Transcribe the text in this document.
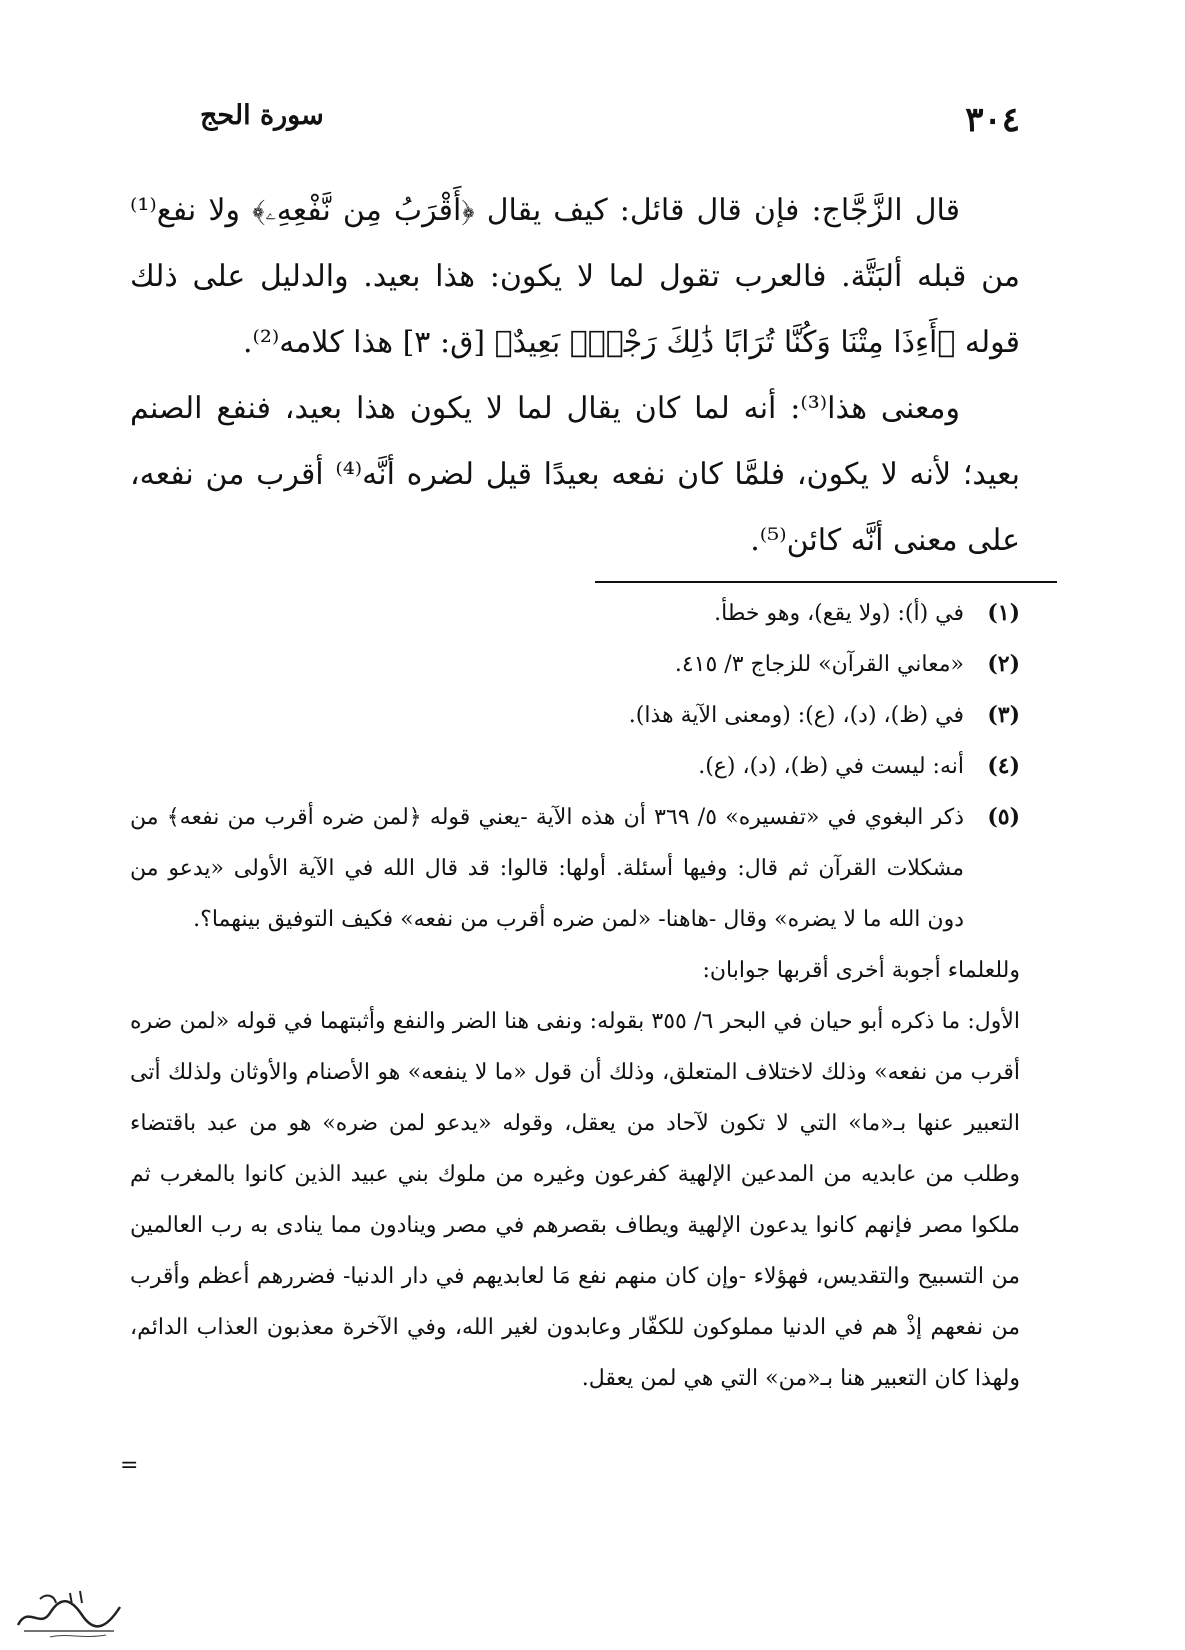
٣٠٤
سورة الحج

قال الزَّجَّاج: فإن قال قائل: كيف يقال ﴿أَقْرَبُ مِن نَّفْعِهِۦ﴾ ولا نفع⁽¹⁾ من قبله ألبَتَّة. فالعرب تقول لما لا يكون: هذا بعيد. والدليل على ذلك قوله ﴿أَءِذَا مِتْنَا وَكُنَّا تُرَابًا ذَٰلِكَ رَجْعٌۢ بَعِيدٌ﴾ [ق: ٣] هذا كلامه⁽²⁾.

ومعنى هذا⁽³⁾: أنه لما كان يقال لما لا يكون هذا بعيد، فنفع الصنم بعيد؛ لأنه لا يكون، فلمَّا كان نفعه بعيدًا قيل لضره أنَّه⁽⁴⁾ أقرب من نفعه، على معنى أنَّه كائن⁽⁵⁾.

(١)
في (أ): (ولا يقع)، وهو خطأ.
(٢)
«معاني القرآن» للزجاج ٣/ ٤١٥.
(٣)
في (ظ)، (د)، (ع): (ومعنى الآية هذا).
(٤)
أنه: ليست في (ظ)، (د)، (ع).
(٥)
ذكر البغوي في «تفسيره» ٥/ ٣٦٩ أن هذه الآية -يعني قوله ﴿لمن ضره أقرب من نفعه﴾ من مشكلات القرآن ثم قال: وفيها أسئلة. أولها: قالوا: قد قال الله في الآية الأولى «يدعو من دون الله ما لا يضره» وقال -هاهنا- «لمن ضره أقرب من نفعه» فكيف التوفيق بينهما؟.
وللعلماء أجوبة أخرى أقربها جوابان:
الأول: ما ذكره أبو حيان في البحر ٦/ ٣٥٥ بقوله: ونفى هنا الضر والنفع وأثبتهما في قوله «لمن ضره أقرب من نفعه» وذلك لاختلاف المتعلق، وذلك أن قول «ما لا ينفعه» هو الأصنام والأوثان ولذلك أتى التعبير عنها بـ«ما» التي لا تكون لآحاد من يعقل، وقوله «يدعو لمن ضره» هو من عبد باقتضاء وطلب من عابديه من المدعين الإلهية كفرعون وغيره من ملوك بني عبيد الذين كانوا بالمغرب ثم ملكوا مصر فإنهم كانوا يدعون الإلهية ويطاف بقصرهم في مصر وينادون مما ينادى به رب العالمين من التسبيح والتقديس، فهؤلاء -وإن كان منهم نفع مَا لعابديهم في دار الدنيا- فضررهم أعظم وأقرب من نفعهم إذْ هم في الدنيا مملوكون للكفّار وعابدون لغير الله، وفي الآخرة معذبون العذاب الدائم، ولهذا كان التعبير هنا بـ«من» التي هي لمن يعقل.
=
